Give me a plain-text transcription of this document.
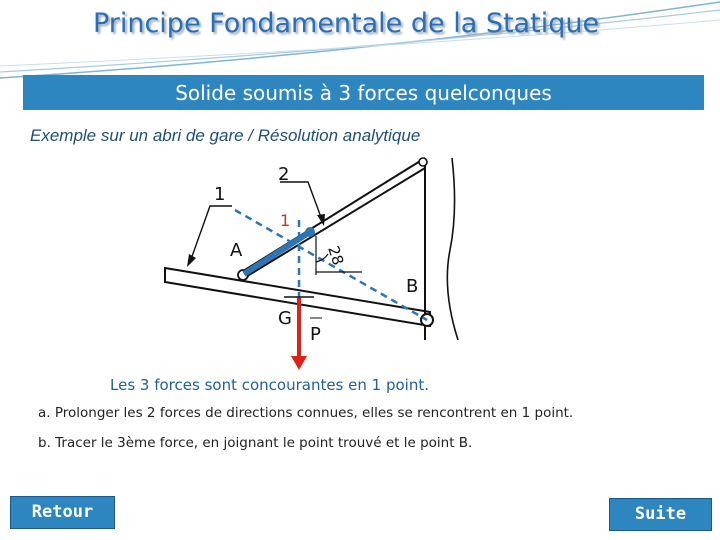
Principe Fondamentale de la Statique
Solide soumis à 3 forces quelconques
Exemple sur un abri de gare / Résolution analytique
1
2
1
A
B
G
P
28
Les 3 forces sont concourantes en 1 point.
a. Prolonger les 2 forces de directions connues, elles se rencontrent en 1 point.
b. Tracer le 3ème force, en joignant le point trouvé et le point B.
Retour	Suite
